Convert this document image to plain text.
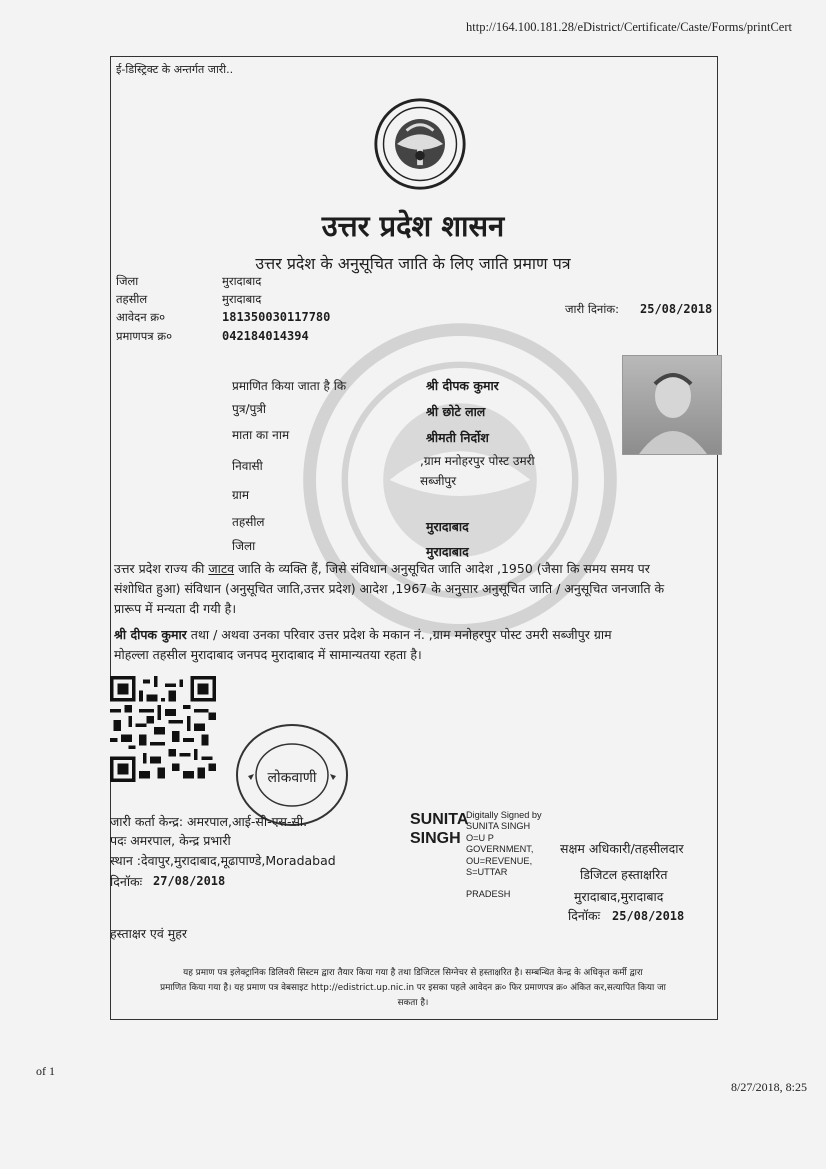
http://164.100.181.28/eDistrict/Certificate/Caste/Forms/printCert
ई-डिस्ट्रिक्ट के अन्तर्गत जारी..
उत्तर प्रदेश शासन
उत्तर प्रदेश के अनुसूचित जाति के लिए जाति प्रमाण पत्र
जिला	मुरादाबाद
तहसील	मुरादाबाद
आवेदन क्र०	181350030117780
प्रमाणपत्र क्र०	042184014394
जारी दिनांक: 25/08/2018
प्रमाणित किया जाता है कि	श्री दीपक कुमार
पुत्र/पुत्री	श्री छोटे लाल
माता का नाम	श्रीमती निर्दोश
निवासी	,ग्राम मनोहरपुर पोस्ट उमरी
सब्जीपुर
ग्राम
तहसील	मुरादाबाद
जिला	मुरादाबाद
उत्तर प्रदेश राज्य की जाटव जाति के व्यक्ति हैं, जिसे संविधान अनुसूचित जाति आदेश ,1950 (जैसा कि समय समय पर
संशोधित हुआ) संविधान (अनुसूचित जाति,उत्तर प्रदेश) आदेश ,1967 के अनुसार अनुसूचित जाति / अनुसूचित जनजाति के
प्रारूप में मन्यता दी गयी है।
श्री दीपक कुमार तथा / अथवा उनका परिवार उत्तर प्रदेश के मकान नं. ,ग्राम मनोहरपुर पोस्ट उमरी सब्जीपुर ग्राम
मोहल्ला तहसील मुरादाबाद जनपद मुरादाबाद में सामान्यतया रहता है।
लोकवाणी
जारी कर्ता केन्द्र: अमरपाल,आई-सी-एस-सी.
पदः अमरपाल, केन्द्र प्रभारी
स्थान :देवापुर,मुरादाबाद,मूढापाण्डे,Moradabad
दिनॉकः 27/08/2018
SUNITA
SINGH
Digitally Signed by
SUNITA SINGH
O=U P
GOVERNMENT,
OU=REVENUE,
S=UTTAR
PRADESH
सक्षम अधिकारी/तहसीलदार
डिजिटल हस्ताक्षरित
मुरादाबाद,मुरादाबाद
दिनॉकः 25/08/2018
हस्ताक्षर एवं मुहर
यह प्रमाण पत्र इलेक्ट्रानिक डिलिवरी सिस्टम द्वारा तैयार किया गया है तथा डिजिटल सिग्नेचर से हस्ताक्षरित है। सम्बन्धित केन्द्र के अधिकृत कर्मी द्वारा
प्रमाणित किया गया है। यह प्रमाण पत्र वेबसाइट http://edistrict.up.nic.in पर इसका पहले आवेदन क्र० फिर प्रमाणपत्र क्र० अंकित कर,सत्यापित किया जा
सकता है।
of 1
8/27/2018, 8:25
